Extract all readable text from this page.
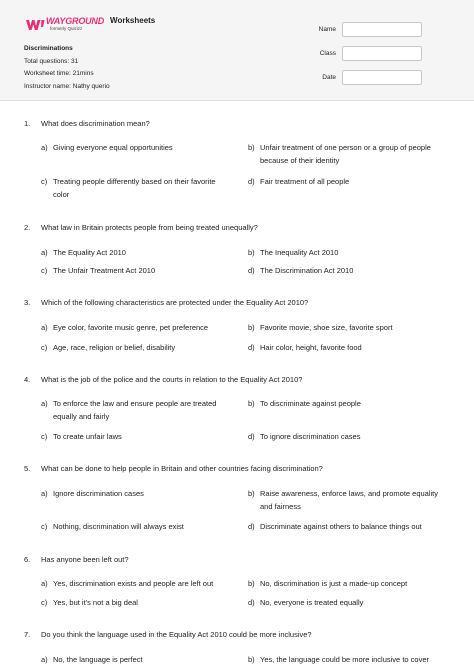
WAYGROUND
formerly Quizizz
Worksheets
Discriminations
Total questions: 31
Worksheet time: 21mins
Instructor name: Nathy querio
Name
Class
Date
1. What does discrimination mean?
a) Giving everyone equal opportunities	b) Unfair treatment of one person or a group of people because of their identity
c) Treating people differently based on their favorite color
d) Fair treatment of all people
2. What law in Britain protects people from being treated unequally?
a) The Equality Act 2010	b) The Inequality Act 2010
c) The Unfair Treatment Act 2010	d) The Discrimination Act 2010
3. Which of the following characteristics are protected under the Equality Act 2010?
a) Eye color, favorite music genre, pet preference	b) Favorite movie, shoe size, favorite sport
c) Age, race, religion or belief, disability	d) Hair color, height, favorite food
4. What is the job of the police and the courts in relation to the Equality Act 2010?
a) To enforce the law and ensure people are treated equally and fairly
b) To discriminate against people
c) To create unfair laws	d) To ignore discrimination cases
5. What can be done to help people in Britain and other countries facing discrimination?
a) Ignore discrimination cases	b) Raise awareness, enforce laws, and promote equality and fairness
c) Nothing, discrimination will always exist	d) Discriminate against others to balance things out
6. Has anyone been left out?
a) Yes, discrimination exists and people are left out	b) No, discrimination is just a made-up concept
c) Yes, but it's not a big deal	d) No, everyone is treated equally
7. Do you think the language used in the Equality Act 2010 could be more inclusive?
a) No, the language is perfect	b) Yes, the language could be more inclusive to cover
